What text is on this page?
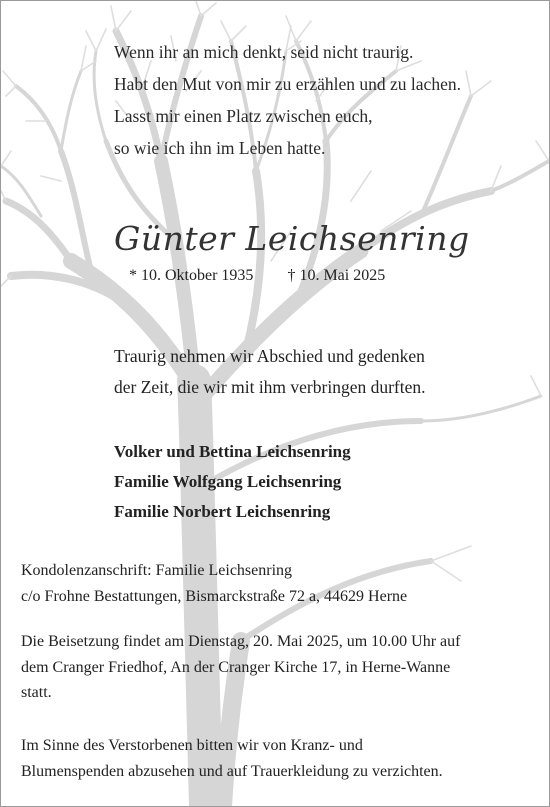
Wenn ihr an mich denkt, seid nicht traurig.
Habt den Mut von mir zu erzählen und zu lachen.
Lasst mir einen Platz zwischen euch,
so wie ich ihn im Leben hatte.
Günter Leichsenring
* 10. Oktober 1935 † 10. Mai 2025
Traurig nehmen wir Abschied und gedenken
der Zeit, die wir mit ihm verbringen durften.
Volker und Bettina Leichsenring
Familie Wolfgang Leichsenring
Familie Norbert Leichsenring
Kondolenzanschrift: Familie Leichsenring
c/o Frohne Bestattungen, Bismarckstraße 72 a, 44629 Herne
Die Beisetzung findet am Dienstag, 20. Mai 2025, um 10.00 Uhr auf
dem Cranger Friedhof, An der Cranger Kirche 17, in Herne-Wanne
statt.
Im Sinne des Verstorbenen bitten wir von Kranz- und
Blumenspenden abzusehen und auf Trauerkleidung zu verzichten.
